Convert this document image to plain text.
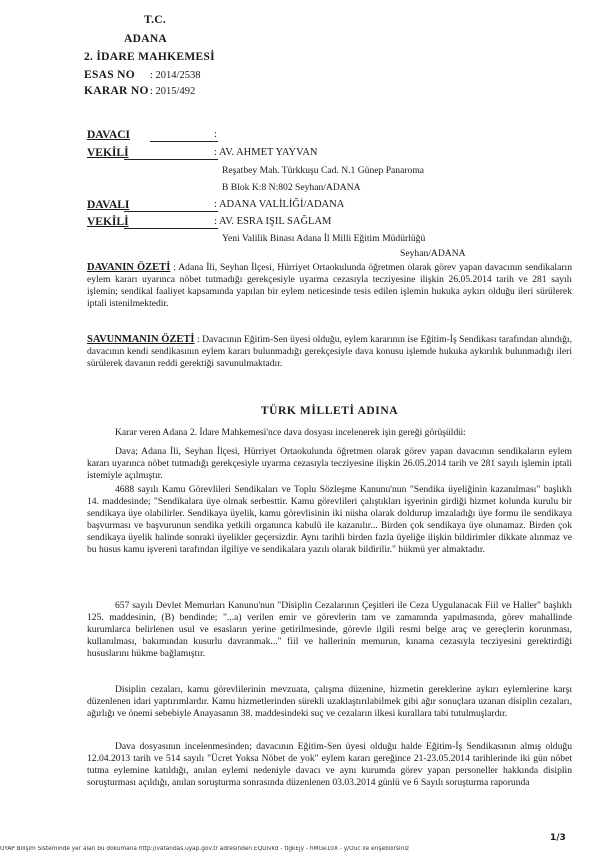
T.C.
ADANA
2. İDARE MAHKEMESİ
ESAS NO : 2014/2538
KARAR NO : 2015/492
DAVACI	:
VEKİLİ	: AV. AHMET YAYVAN
Reşatbey Mah. Türkkuşu Cad. N.1 Günep Panaroma
B Blok K:8 N:802 Seyhan/ADANA
DAVALI	: ADANA VALİLİĞİ/ADANA
VEKİLİ	: AV. ESRA IŞIL SAĞLAM
Yeni Valilik Binası Adana İl Milli Eğitim Müdürlüğü
Seyhan/ADANA
DAVANIN ÖZETİ : Adana İli, Seyhan İlçesi, Hürriyet Ortaokulunda öğretmen olarak görev yapan davacının sendikaların eylem kararı uyarınca nöbet tutmadığı gerekçesiyle uyarma cezasıyla tecziyesine ilişkin 26.05.2014 tarih ve 281 sayılı işlemin; sendikal faaliyet kapsamında yapılan bir eylem neticesinde tesis edilen işlemin hukuka aykırı olduğu ileri sürülerek iptali istenilmektedir.
SAVUNMANIN ÖZETİ : Davacının Eğitim-Sen üyesi olduğu, eylem kararının ise Eğitim-İş Sendikası tarafından alındığı, davacının kendi sendikasının eylem kararı bulunmadığı gerekçesiyle dava konusu işlemde hukuka aykırılık bulunmadığı ileri sürülerek davanın reddi gerektiği savunulmaktadır.
TÜRK MİLLETİ ADINA
Karar veren Adana 2. İdare Mahkemesi'nce dava dosyası incelenerek işin gereği görüşüldü:
Dava; Adana İli, Seyhan İlçesi, Hürriyet Ortaokulunda öğretmen olarak görev yapan davacının sendikaların eylem kararı uyarınca nöbet tutmadığı gerekçesiyle uyarma cezasıyla tecziyesine ilişkin 26.05.2014 tarih ve 281 sayılı işlemin iptali istemiyle açılmıştır.
4688 sayılı Kamu Görevlileri Sendikaları ve Toplu Sözleşme Kanunu'nun "Sendika üyeliğinin kazanılması" başlıklı 14. maddesinde; "Sendikalara üye olmak serbesttir. Kamu görevlileri çalıştıkları işyerinin girdiği hizmet kolunda kurulu bir sendikaya üye olabilirler. Sendikaya üyelik, kamu görevlisinin iki nüsha olarak doldurup imzaladığı üye formu ile sendikaya başvurması ve başvurunun sendika yetkili organınca kabulü ile kazanılır... Birden çok sendikaya üye olunamaz. Birden çok sendikaya üyelik halinde sonraki üyelikler geçersizdir. Aynı tarihli birden fazla üyeliğe ilişkin bildirimler dikkate alınmaz ve bu husus kamu işvereni tarafından ilgiliye ve sendikalara yazılı olarak bildirilir." hükmü yer almaktadır.
657 sayılı Devlet Memurları Kanunu'nun "Disiplin Cezalarının Çeşitleri ile Ceza Uygulanacak Fiil ve Haller" başlıklı 125. maddesinin, (B) bendinde; "...a) verilen emir ve görevlerin tam ve zamanında yapılmasında, görev mahallinde kurumlarca belirlenen usul ve esasların yerine getirilmesinde, görevle ilgili resmi belge araç ve gereçlerin korunması, kullanılması, bakımından kusurlu davranmak..." fiil ve hallerinin memurun, kınama cezasıyla tecziyesini gerektirdiği hususlarını hükme bağlamıştır.
Disiplin cezaları, kamu görevlilerinin mevzuata, çalışma düzenine, hizmetin gereklerine aykırı eylemlerine karşı düzenlenen idari yaptırımlardır. Kamu hizmetlerinden sürekli uzaklaştırılabilmek gibi ağır sonuçlara uzanan disiplin cezaları, ağırlığı ve önemi sebebiyle Anayasanın 38. maddesindeki suç ve cezaların ilkesi kurallara tabi tutulmuşlardır.
Dava dosyasının incelenmesinden; davacının Eğitim-Sen üyesi olduğu halde Eğitim-İş Sendikasının almış olduğu 12.04.2013 tarih ve 514 sayılı "Ücret Yoksa Nöbet de yok" eylem kararı gereğince 21-23.05.2014 tarihlerinde iki gün nöbet tutma eylemine katıldığı, anılan eylemi nedeniyle davacı ve aynı kurumda görev yapan personeller hakkında disiplin soruşturması açıldığı, anılan soruşturma sonrasında düzenlenen 03.03.2014 günlü ve 6 Sayılı soruşturma raporunda
1/3
UYAP Bilişim Sisteminde yer alan bu dokümana http://vatandas.uyap.gov.tr adresinden EQUIvkd - tIgkEjy - hMGe10X - y/Ouc ile erişebilirsiniz
